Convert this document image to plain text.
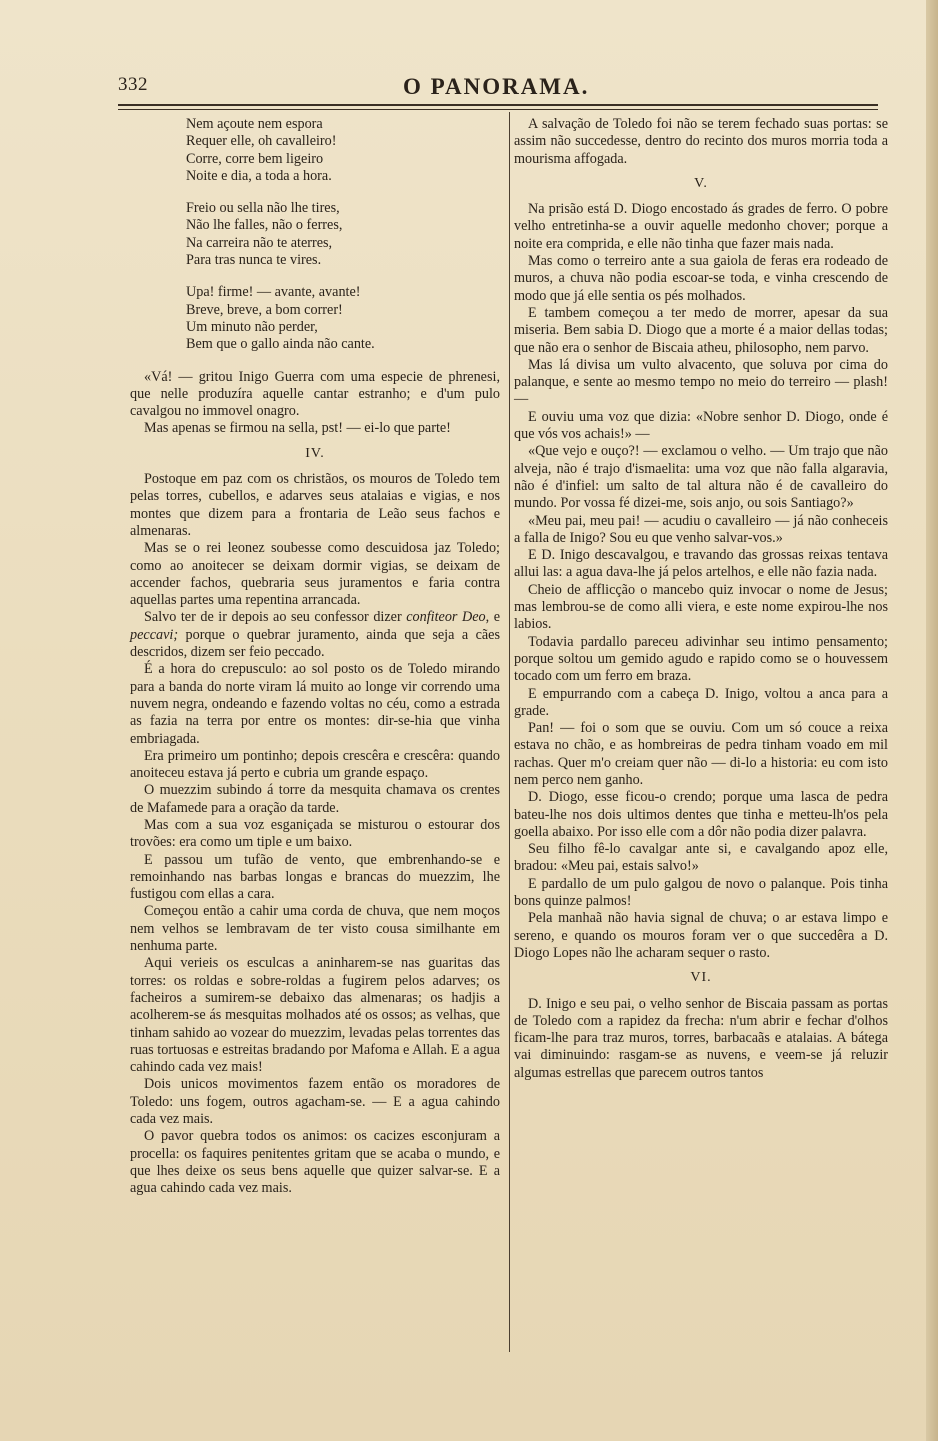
332	O PANORAMA.
Nem açoute nem espora
Requer elle, oh cavalleiro!
Corre, corre bem ligeiro
Noite e dia, a toda a hora.
Freio ou sella não lhe tires,
Não lhe falles, não o ferres,
Na carreira não te aterres,
Para tras nunca te vires.
Upa! firme! — avante, avante!
Breve, breve, a bom correr!
Um minuto não perder,
Bem que o gallo ainda não cante.

«Vá! — gritou Inigo Guerra com uma especie de phrenesi, que nelle produzíra aquelle cantar estranho; e d'um pulo cavalgou no immovel onagro.

Mas apenas se firmou na sella, pst! — ei-lo que parte!

IV.

Postoque em paz com os christãos, os mouros de Toledo tem pelas torres, cubellos, e adarves seus atalaias e vigias, e nos montes que dizem para a frontaria de Leão seus fachos e almenaras.

Mas se o rei leonez soubesse como descuidosa jaz Toledo; como ao anoitecer se deixam dormir vigias, se deixam de accender fachos, quebraria seus juramentos e faria contra aquellas partes uma repentina arrancada.

Salvo ter de ir depois ao seu confessor dizer confiteor Deo, e peccavi; porque o quebrar juramento, ainda que seja a cães descridos, dizem ser feio peccado.

É a hora do crepusculo: ao sol posto os de Toledo mirando para a banda do norte viram lá muito ao longe vir correndo uma nuvem negra, ondeando e fazendo voltas no céu, como a estrada as fazia na terra por entre os montes: dir-se-hia que vinha embriagada.

Era primeiro um pontinho; depois crescêra e crescêra: quando anoiteceu estava já perto e cubria um grande espaço.

O muezzim subindo á torre da mesquita chamava os crentes de Mafamede para a oração da tarde.

Mas com a sua voz esganiçada se misturou o estourar dos trovões: era como um tiple e um baixo.

E passou um tufão de vento, que embrenhando-se e remoinhando nas barbas longas e brancas do muezzim, lhe fustigou com ellas a cara.

Começou então a cahir uma corda de chuva, que nem moços nem velhos se lembravam de ter visto cousa similhante em nenhuma parte.

Aqui verieis os esculcas a aninharem-se nas guaritas das torres: os roldas e sobre-roldas a fugirem pelos adarves; os facheiros a sumirem-se debaixo das almenaras; os hadjis a acolherem-se ás mesquitas molhados até os ossos; as velhas, que tinham sahido ao vozear do muezzim, levadas pelas torrentes das ruas tortuosas e estreitas bradando por Mafoma e Allah. E a agua cahindo cada vez mais!

Dois unicos movimentos fazem então os moradores de Toledo: uns fogem, outros agacham-se. — E a agua cahindo cada vez mais.

O pavor quebra todos os animos: os cacizes esconjuram a procella: os faquires penitentes gritam que se acaba o mundo, e que lhes deixe os seus bens aquelle que quizer salvar-se. E a agua cahindo cada vez mais.

A salvação de Toledo foi não se terem fechado suas portas: se assim não succedesse, dentro do recinto dos muros morria toda a mourisma affogada.

V.

Na prisão está D. Diogo encostado ás grades de ferro. O pobre velho entretinha-se a ouvir aquelle medonho chover; porque a noite era comprida, e elle não tinha que fazer mais nada.

Mas como o terreiro ante a sua gaiola de feras era rodeado de muros, a chuva não podia escoar-se toda, e vinha crescendo de modo que já elle sentia os pés molhados.

E tambem começou a ter medo de morrer, apesar da sua miseria. Bem sabia D. Diogo que a morte é a maior dellas todas; que não era o senhor de Biscaia atheu, philosopho, nem parvo.

Mas lá divisa um vulto alvacento, que soluva por cima do palanque, e sente ao mesmo tempo no meio do terreiro — plash! —

E ouviu uma voz que dizia: «Nobre senhor D. Diogo, onde é que vós vos achais!» —

«Que vejo e ouço?! — exclamou o velho. — Um trajo que não alveja, não é trajo d'ismaelita: uma voz que não falla algaravia, não é d'infiel: um salto de tal altura não é de cavalleiro do mundo. Por vossa fé dizei-me, sois anjo, ou sois Santiago?»

«Meu pai, meu pai! — acudiu o cavalleiro — já não conheceis a falla de Inigo? Sou eu que venho salvar-vos.»

E D. Inigo descavalgou, e travando das grossas reixas tentava allui las: a agua dava-lhe já pelos artelhos, e elle não fazia nada.

Cheio de afflicção o mancebo quiz invocar o nome de Jesus; mas lembrou-se de como alli viera, e este nome expirou-lhe nos labios.

Todavia pardallo pareceu adivinhar seu intimo pensamento; porque soltou um gemido agudo e rapido como se o houvessem tocado com um ferro em braza.

E empurrando com a cabeça D. Inigo, voltou a anca para a grade.

Pan! — foi o som que se ouviu. Com um só couce a reixa estava no chão, e as hombreiras de pedra tinham voado em mil rachas. Quer m'o creiam quer não — di-lo a historia: eu com isto nem perco nem ganho.

D. Diogo, esse ficou-o crendo; porque uma lasca de pedra bateu-lhe nos dois ultimos dentes que tinha e metteu-lh'os pela goella abaixo. Por isso elle com a dôr não podia dizer palavra.

Seu filho fê-lo cavalgar ante si, e cavalgando apoz elle, bradou: «Meu pai, estais salvo!»

E pardallo de um pulo galgou de novo o palanque. Pois tinha bons quinze palmos!

Pela manhaã não havia signal de chuva; o ar estava limpo e sereno, e quando os mouros foram ver o que succedêra a D. Diogo Lopes não lhe acharam sequer o rasto.

VI.

D. Inigo e seu pai, o velho senhor de Biscaia passam as portas de Toledo com a rapidez da frecha: n'um abrir e fechar d'olhos ficam-lhe para traz muros, torres, barbacaãs e atalaias. A bátega vai diminuindo: rasgam-se as nuvens, e veem-se já reluzir algumas estrellas que parecem outros tantos
